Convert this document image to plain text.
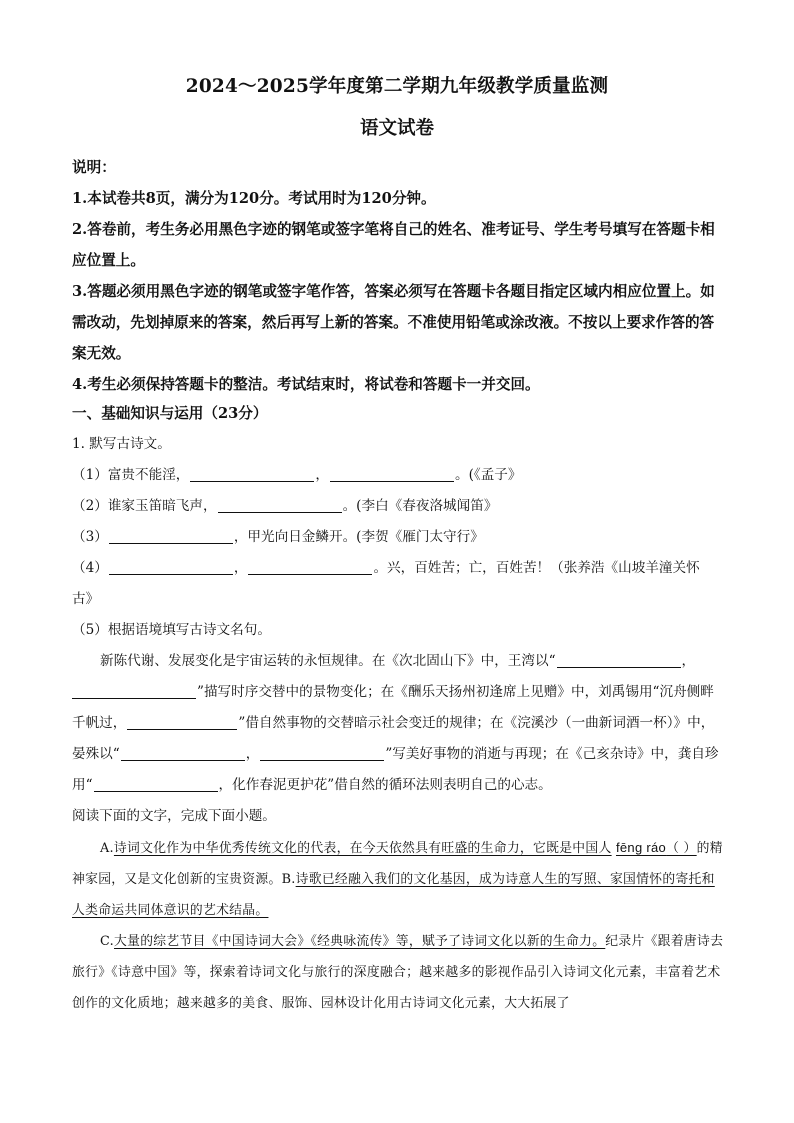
2024～2025学年度第二学期九年级教学质量监测
语文试卷

说明：

1.本试卷共8页，满分为120分。考试用时为120分钟。

2.答卷前，考生务必用黑色字迹的钢笔或签字笔将自己的姓名、准考证号、学生考号填写在答题卡相应位置上。

3.答题必须用黑色字迹的钢笔或签字笔作答，答案必须写在答题卡各题目指定区域内相应位置上。如需改动，先划掉原来的答案，然后再写上新的答案。不准使用铅笔或涂改液。不按以上要求作答的答案无效。

4.考生必须保持答题卡的整洁。考试结束时，将试卷和答题卡一并交回。

一、基础知识与运用（23分）

1. 默写古诗文。

（1）富贵不能淫，	，	。(《孟子》

（2）谁家玉笛暗飞声，	。(李白《春夜洛城闻笛》

（3）	，甲光向日金鳞开。(李贺《雁门太守行》

（4）	，	。兴，百姓苦；亡，百姓苦！（张养浩《山坡羊潼关怀
古》

（5）根据语境填写古诗文名句。

新陈代谢、发展变化是宇宙运转的永恒规律。在《次北固山下》中，王湾以“	，
”描写时序交替中的景物变化；在《酬乐天扬州初逢席上见赠》中，刘禹锡用“沉舟侧畔千帆过，	”借自然事物的交替暗示社会变迁的规律；在《浣溪沙（一曲新词酒一杯）》中，晏殊以“	，	”写美好事物的消逝与再现；在《己亥杂诗》中，龚自珍用“	，化作春泥更护花”借自然的循环法则表明自己的心志。

阅读下面的文字，完成下面小题。

A.诗词文化作为中华优秀传统文化的代表，在今天依然具有旺盛的生命力，它既是中国人 fēng ráo（ ）的精神家园，又是文化创新的宝贵资源。B.诗歌已经融入我们的文化基因，成为诗意人生的写照、家国情怀的寄托和人类命运共同体意识的艺术结晶。

C.大量的综艺节目《中国诗词大会》《经典咏流传》等，赋予了诗词文化以新的生命力。纪录片《跟着唐诗去旅行》《诗意中国》等，探索着诗词文化与旅行的深度融合；越来越多的影视作品引入诗词文化元素，丰富着艺术创作的文化质地；越来越多的美食、服饰、园林设计化用古诗词文化元素，大大拓展了
